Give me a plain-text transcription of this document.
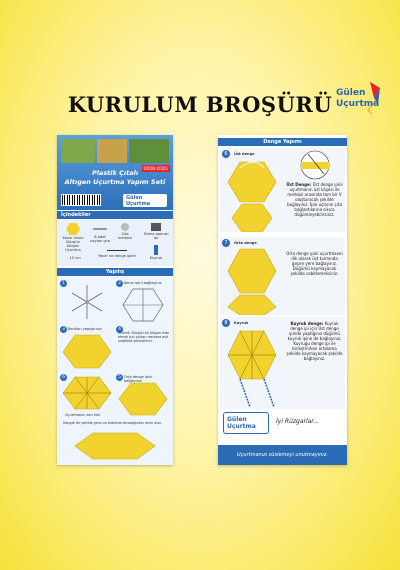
KURULUM BROŞÜRÜ Gülen
Uçurtma
ÜRÜN KODU
Plastik Çıtalı
Altıgen Uçurtma Yapım Seti
Gülen
Uçurtma
İçindekiler
Kenar kısmı Düzgün Altıgen Uçurtma
6 adet naylon çıta
Çıta merkezi
Tutma aparatı ipi
Kuyruk
Yanar ve denge ipleri
15 cm
Yapılış
1	2 Kenar ipini bağlayınız
3 Bantları yapıştırınız	4
Önemli: Düzgün bir Altıgen elde etmek için çıtaları merkeze eşit uzaklıkta yerleştiriniz.
6
Uçurtmanın son hali
5 Orta denge ipini bağlayınız
Dengeli bir şekilde gerin ve bükülme olmadığından emin olun.
Denge Yapımı
6	Üst denge
Üst Denge: Üst denge ipini uçurtmanın üst köşesi ile merkezi arasında tam bir V oluşturacak şekilde bağlayınız. İpin uçlarını çıta bağlantılarına sıkıca düğümleyebilirsiniz.
7	Orta denge
Orta denge ipini uçurtmanın dik olarak üst kısmında geçen yere bağlayınız. Düğümü kaymayacak şekilde sabitlemelisiniz.
8	Kuyruk	Kuyruk denge: Kuyruk denge ipi için Üst denge ipinde yaptığınız düğümü kuyruk ipine de bağlayınız. Kuyruğu denge ipi ile birleştirirken ortalama şekilde kaymayacak şekilde bağlayınız.
Gülen
Uçurtma
İyi Rüzgarlar...
Uçurtmanızı süslemeyi unutmayınız.
